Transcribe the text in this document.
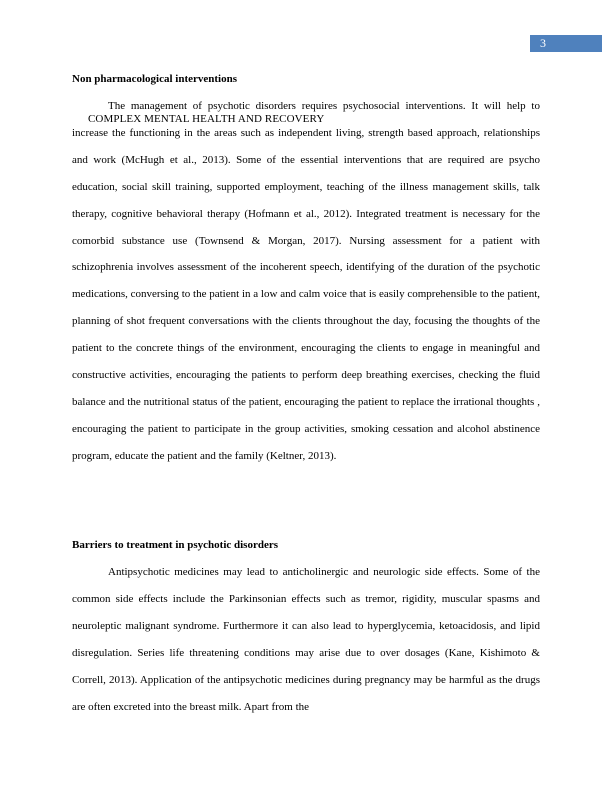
3
Non pharmacological interventions

The management of psychotic disorders requires psychosocial interventions. It will help to increase the functioning in the areas such as independent living, strength based approach, relationships and work (McHugh et al., 2013). Some of the essential interventions that are required are psycho education, social skill training, supported employment, teaching of the illness management skills, talk therapy, cognitive behavioral therapy (Hofmann et al., 2012). Integrated treatment is necessary for the comorbid substance use (Townsend & Morgan, 2017). Nursing assessment for a patient with schizophrenia involves assessment of the incoherent speech, identifying of the duration of the psychotic medications, conversing to the patient in a low and calm voice that is easily comprehensible to the patient, planning of shot frequent conversations with the clients throughout the day, focusing the thoughts of the patient to the concrete things of the environment, encouraging the clients to engage in meaningful and constructive activities, encouraging the patients to perform deep breathing exercises, checking the fluid balance and the nutritional status of the patient, encouraging the patient to replace the irrational thoughts , encouraging the patient to participate in the group activities, smoking cessation and alcohol abstinence program, educate the patient and the family (Keltner, 2013).

COMPLEX MENTAL HEALTH AND RECOVERY
Barriers to treatment in psychotic disorders

Antipsychotic medicines may lead to anticholinergic and neurologic side effects. Some of the common side effects include the Parkinsonian effects such as tremor, rigidity, muscular spasms and neuroleptic malignant syndrome. Furthermore it can also lead to hyperglycemia, ketoacidosis, and lipid disregulation. Series life threatening conditions may arise due to over dosages (Kane, Kishimoto & Correll, 2013). Application of the antipsychotic medicines during pregnancy may be harmful as the drugs are often excreted into the breast milk. Apart from the
